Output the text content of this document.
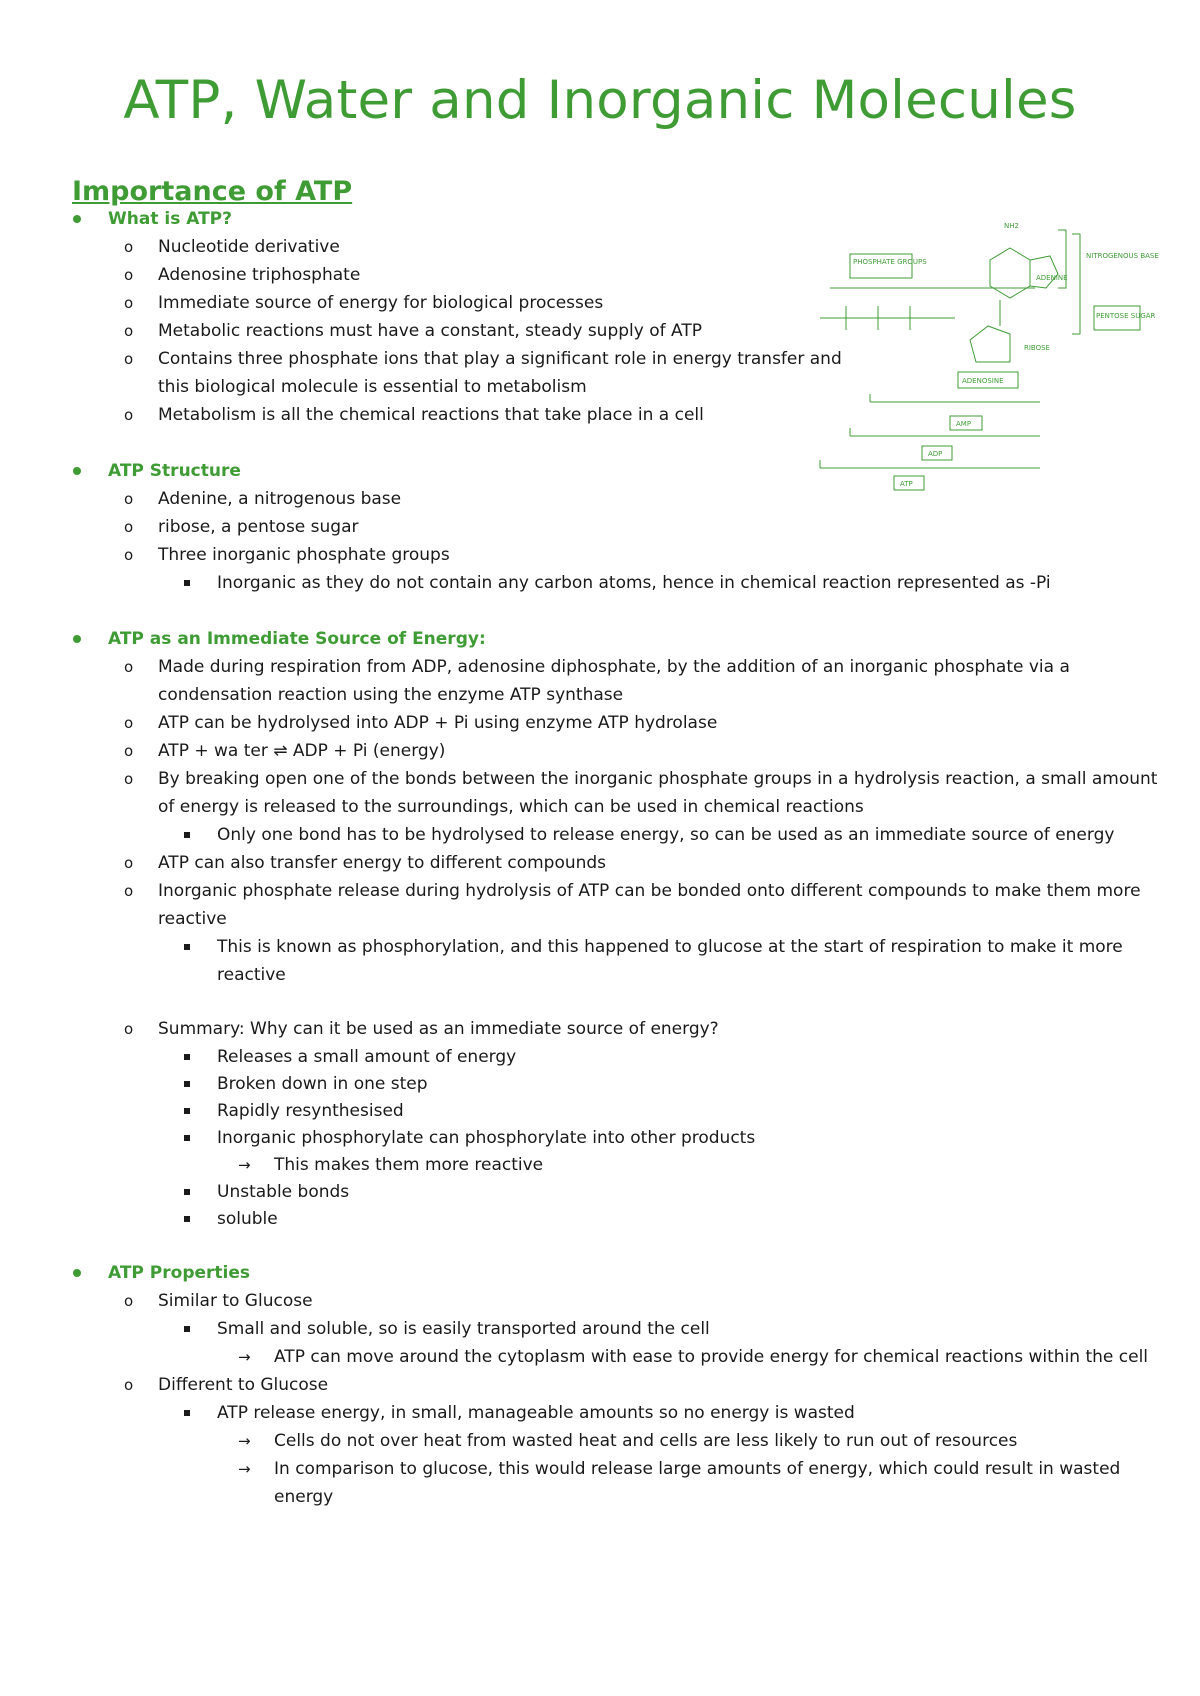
ATP, Water and Inorganic Molecules
Importance of ATP
What is ATP?
o Nucleotide derivative
o Adenosine triphosphate
o Immediate source of energy for biological processes
o Metabolic reactions must have a constant, steady supply of ATP
o Contains three phosphate ions that play a significant role in energy transfer and
this biological molecule is essential to metabolism
o Metabolism is all the chemical reactions that take place in a cell
ATP Structure
o Adenine, a nitrogenous base
o ribose, a pentose sugar
o Three inorganic phosphate groups
Inorganic as they do not contain any carbon atoms, hence in chemical reaction represented as -Pi
ATP as an Immediate Source of Energy:
o Made during respiration from ADP, adenosine diphosphate, by the addition of an inorganic phosphate via a
condensation reaction using the enzyme ATP synthase
o ATP can be hydrolysed into ADP + Pi using enzyme ATP hydrolase
o ATP + wa ter ⇌ ADP + Pi (energy)
o By breaking open one of the bonds between the inorganic phosphate groups in a hydrolysis reaction, a small amount
of energy is released to the surroundings, which can be used in chemical reactions
Only one bond has to be hydrolysed to release energy, so can be used as an immediate source of energy
o ATP can also transfer energy to different compounds
o Inorganic phosphate release during hydrolysis of ATP can be bonded onto different compounds to make them more
reactive
This is known as phosphorylation, and this happened to glucose at the start of respiration to make it more
reactive
o Summary: Why can it be used as an immediate source of energy?
Releases a small amount of energy
Broken down in one step
Rapidly resynthesised
Inorganic phosphorylate can phosphorylate into other products
→ This makes them more reactive
Unstable bonds
soluble
ATP Properties
o Similar to Glucose
Small and soluble, so is easily transported around the cell
→ ATP can move around the cytoplasm with ease to provide energy for chemical reactions within the cell
o Different to Glucose
ATP release energy, in small, manageable amounts so no energy is wasted
→ Cells do not over heat from wasted heat and cells are less likely to run out of resources
→ In comparison to glucose, this would release large amounts of energy, which could result in wasted
energy
PHOSPHATE GROUPS
NH2
ADENINE
NITROGENOUS BASE
RIBOSE
PENTOSE SUGAR
ADENOSINE
AMP
ADP
ATP
